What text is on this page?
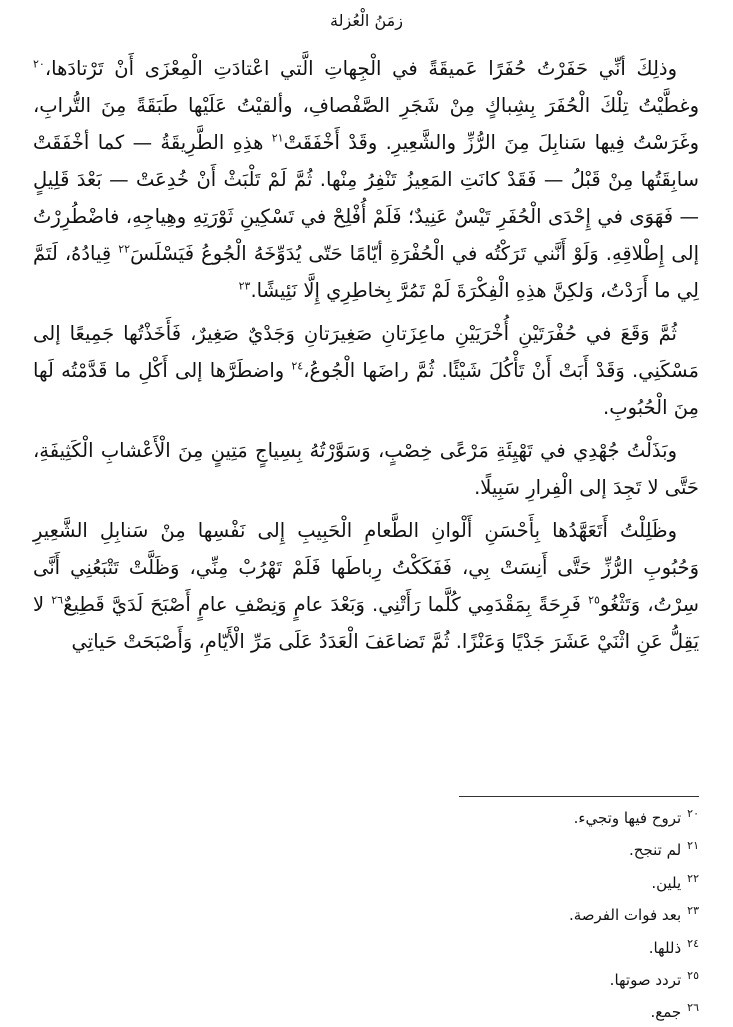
زمَنُ الْعُزلة

وذلِكَ أنِّي حَفَرْتُ حُفَرًا عَميقَةً في الْجِهاتِ الَّتي اعْتادَتِ الْمِعْزَى أَنْ تَرْتادَها،$^{٢٠}$ وغطَّيْتُ تِلْكَ الْحُفَرَ بِشِباكٍ مِنْ شَجَرِ الصَّفْصافِ، وألقيْتُ عَلَيْها طَبَقَةً مِنَ التُّرابِ، وغَرَسْتُ فِيها سَنابِلَ مِنَ الرُّزِّ والشَّعِيرِ. وقَدْ أَخْفَقَتْ$^{٢١}$ هذِهِ الطَّرِيقَةُ — كما أخْفَقَتْ سابِقَتُها مِنْ قَبْلُ — فَقَدْ كانَتِ المَعِيزُ تَنْفِرُ مِنْها. ثُمَّ لَمْ تَلْبَثْ أَنْ خُدِعَتْ — بَعْدَ قَلِيلٍ — فَهَوَى في إِحْدَى الْحُفَرِ تَيْسٌ عَنِيدٌ؛ فَلَمْ أُفْلِحْ في تَسْكِينِ ثَوْرَتِهِ وهِياجِهِ، فاضْطُرِرْتُ إلى إِطْلاقِهِ. وَلَوْ أَنَّني تَرَكْتُه في الْحُفْرَةِ أيّامًا حَتّى يُدَوِّخَهُ الْجُوعُ فَيَسْلَسَ$^{٢٢}$ قِيادُهُ، لَتَمَّ لِي ما أَرَدْتُ، وَلكِنَّ هذِهِ الْفِكْرَةَ لَمْ تَمُرَّ بِخاطِرِي إِلَّا نَئِيشًا.$^{٢٣}$

ثُمَّ وَقَعَ في حُفْرَتَيْنِ أُخْرَيَيْنِ ماعِزَتانِ صَغِيرَتانِ وَجَدْيٌ صَغِيرٌ، فَأَخَذْتُها جَمِيعًا إلى مَسْكَنِي. وَقَدْ أَبَتْ أَنْ تَأْكُلَ شَيْئًا. ثُمَّ راضَها الْجُوعُ،$^{٢٤}$ واضطَرَّها إلى أَكْلِ ما قَدَّمْتُه لَها مِنَ الْحُبُوبِ.

وبَذَلْتُ جُهْدِي في تَهْيِئَةِ مَرْعًى خِصْبٍ، وَسَوَّرْتُهُ بِسِياجٍ مَتِينٍ مِنَ الْأَعْشابِ الْكَثِيفَةِ، حَتَّى لا تَجِدَ إلى الْفِرارِ سَبِيلًا.

وظَلِلْتُ أَتَعَهَّدُها بِأَحْسَنِ أَلْوانِ الطَّعامِ الْحَبِيبِ إِلى نَفْسِها مِنْ سَنابِلِ الشَّعِيرِ وَحُبُوبِ الرُّزِّ حَتَّى أَنِسَتْ بِي، فَفَكَكْتُ رِباطَها فَلَمْ تَهْرُبْ مِنِّي، وَظَلَّتْ تَتْبَعُنِي أَنَّى سِرْتُ، وَتَثْغُو$^{٢٥}$ فَرِحَةً بِمَقْدَمِي كُلَّما رَأَتْنِي. وَبَعْدَ عامٍ وَنِصْفِ عامٍ أَصْبَحَ لَدَيَّ قَطِيعٌ$^{٢٦}$ لا يَقِلُّ عَنِ اثْنَيْ عَشَرَ جَدْيًا وَعَنْزًا. ثُمَّ تَضاعَفَ الْعَدَدُ عَلَى مَرِّ الْأَيّامِ، وَأَصْبَحَتْ حَياتِي

$^{٢٠}$تروح فيها وتجيء.
$^{٢١}$لم تنجح.
$^{٢٢}$يلين.
$^{٢٣}$بعد فوات الفرصة.
$^{٢٤}$ذللها.
$^{٢٥}$تردد صوتها.
$^{٢٦}$جمع.
